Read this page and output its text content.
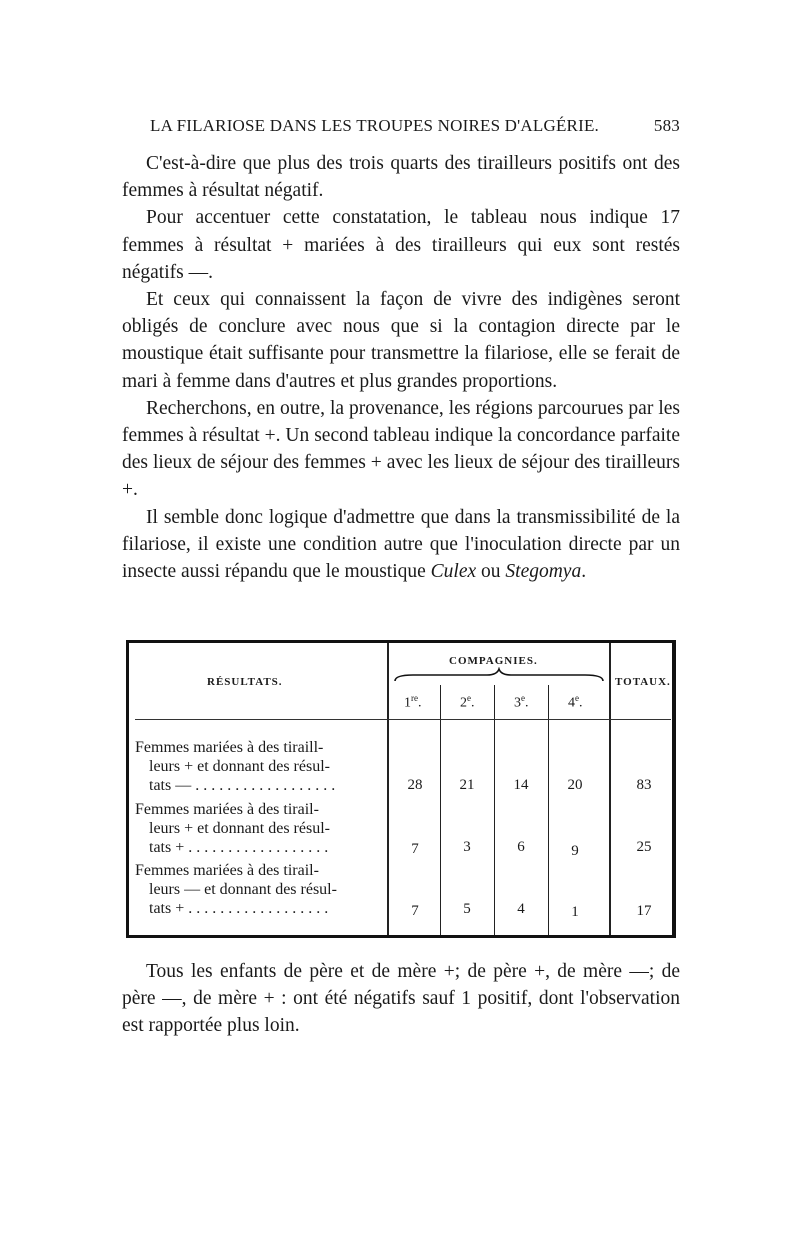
LA FILARIOSE DANS LES TROUPES NOIRES D'ALGÉRIE.	583

C'est-à-dire que plus des trois quarts des tirailleurs positifs ont des femmes à résultat négatif.

Pour accentuer cette constatation, le tableau nous indique 17 femmes à résultat + mariées à des tirailleurs qui eux sont restés négatifs —.

Et ceux qui connaissent la façon de vivre des indigènes seront obligés de conclure avec nous que si la contagion directe par le moustique était suffisante pour transmettre la filariose, elle se ferait de mari à femme dans d'autres et plus grandes proportions.

Recherchons, en outre, la provenance, les régions parcourues par les femmes à résultat +. Un second tableau indique la concordance parfaite des lieux de séjour des femmes + avec les lieux de séjour des tirailleurs +.

Il semble donc logique d'admettre que dans la transmissibilité de la filariose, il existe une condition autre que l'inoculation directe par un insecte aussi répandu que le moustique Culex ou Stegomya.

RÉSULTATS.
COMPAGNIES.
TOTAUX.
1re.	2e.	3e.	4e.
Femmes mariées à des tiraill-
leurs + et donnant des résul-
tats — . . . . . . . . . . . . . . . . . .	28	21	14	20	83
Femmes mariées à des tirail-
leurs + et donnant des résul-
tats + . . . . . . . . . . . . . . . . . .	7	3	6	9	25
Femmes mariées à des tirail-
leurs — et donnant des résul-
tats + . . . . . . . . . . . . . . . . . .	7	5	4	1	17

Tous les enfants de père et de mère +; de père +, de mère —; de père —, de mère + : ont été négatifs sauf 1 positif, dont l'observation est rapportée plus loin.
